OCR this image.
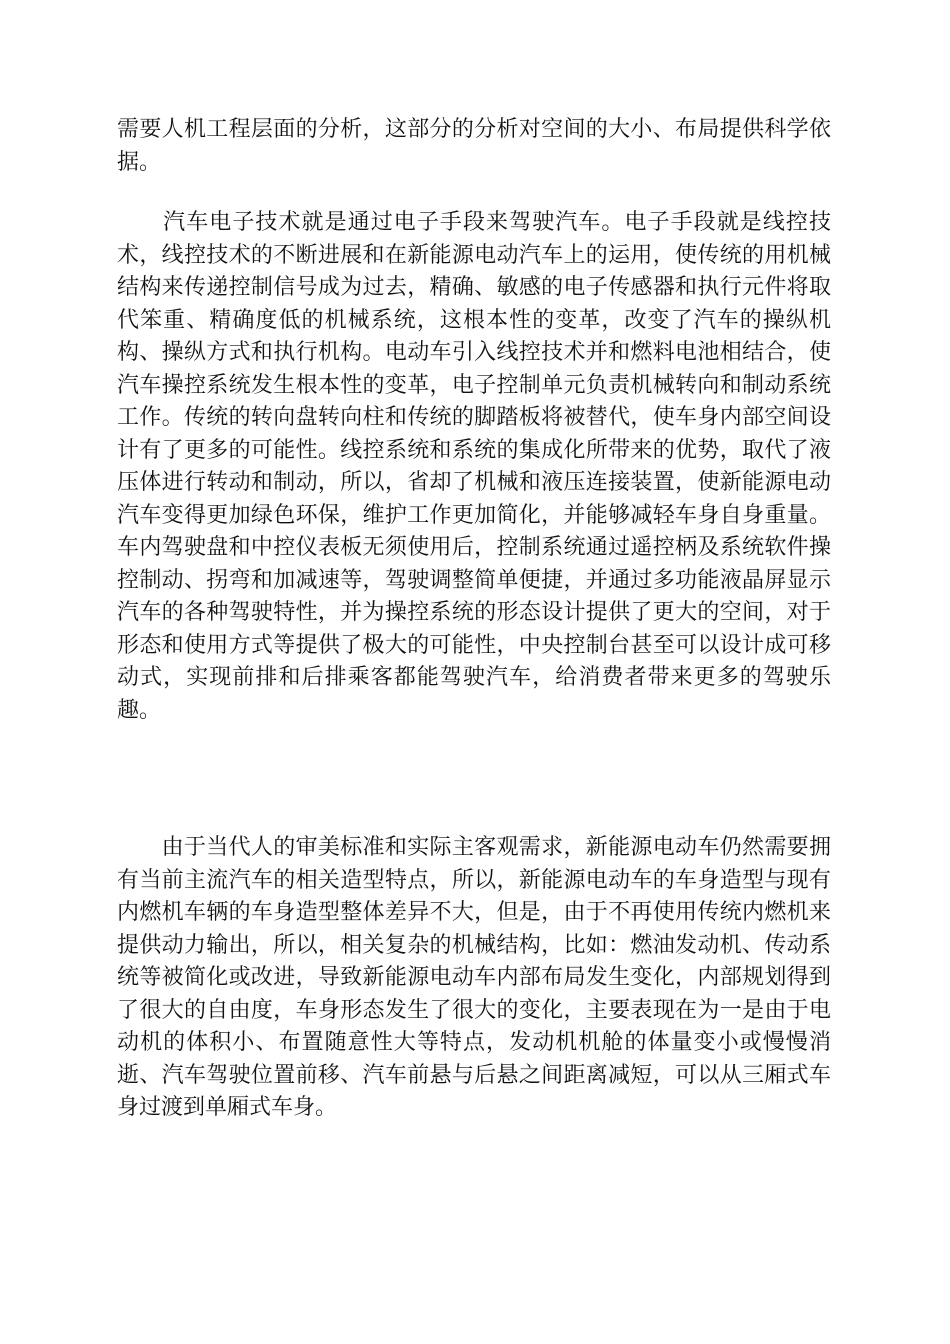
需要人机工程层面的分析，这部分的分析对空间的大小、布局提供科学依
据。
　　汽车电子技术就是通过电子手段来驾驶汽车。电子手段就是线控技
术，线控技术的不断进展和在新能源电动汽车上的运用，使传统的用机械
结构来传递控制信号成为过去，精确、敏感的电子传感器和执行元件将取
代笨重、精确度低的机械系统，这根本性的变革，改变了汽车的操纵机
构、操纵方式和执行机构。电动车引入线控技术并和燃料电池相结合，使
汽车操控系统发生根本性的变革，电子控制单元负责机械转向和制动系统
工作。传统的转向盘转向柱和传统的脚踏板将被替代，使车身内部空间设
计有了更多的可能性。线控系统和系统的集成化所带来的优势，取代了液
压体进行转动和制动，所以，省却了机械和液压连接装置，使新能源电动
汽车变得更加绿色环保，维护工作更加简化，并能够减轻车身自身重量。
车内驾驶盘和中控仪表板无须使用后，控制系统通过遥控柄及系统软件操
控制动、拐弯和加减速等，驾驶调整简单便捷，并通过多功能液晶屏显示
汽车的各种驾驶特性，并为操控系统的形态设计提供了更大的空间，对于
形态和使用方式等提供了极大的可能性，中央控制台甚至可以设计成可移
动式，实现前排和后排乘客都能驾驶汽车，给消费者带来更多的驾驶乐
趣。
　　由于当代人的审美标准和实际主客观需求，新能源电动车仍然需要拥
有当前主流汽车的相关造型特点，所以，新能源电动车的车身造型与现有
内燃机车辆的车身造型整体差异不大，但是，由于不再使用传统内燃机来
提供动力输出，所以，相关复杂的机械结构，比如：燃油发动机、传动系
统等被简化或改进，导致新能源电动车内部布局发生变化，内部规划得到
了很大的自由度，车身形态发生了很大的变化，主要表现在为一是由于电
动机的体积小、布置随意性大等特点，发动机机舱的体量变小或慢慢消
逝、汽车驾驶位置前移、汽车前悬与后悬之间距离减短，可以从三厢式车
身过渡到单厢式车身。
